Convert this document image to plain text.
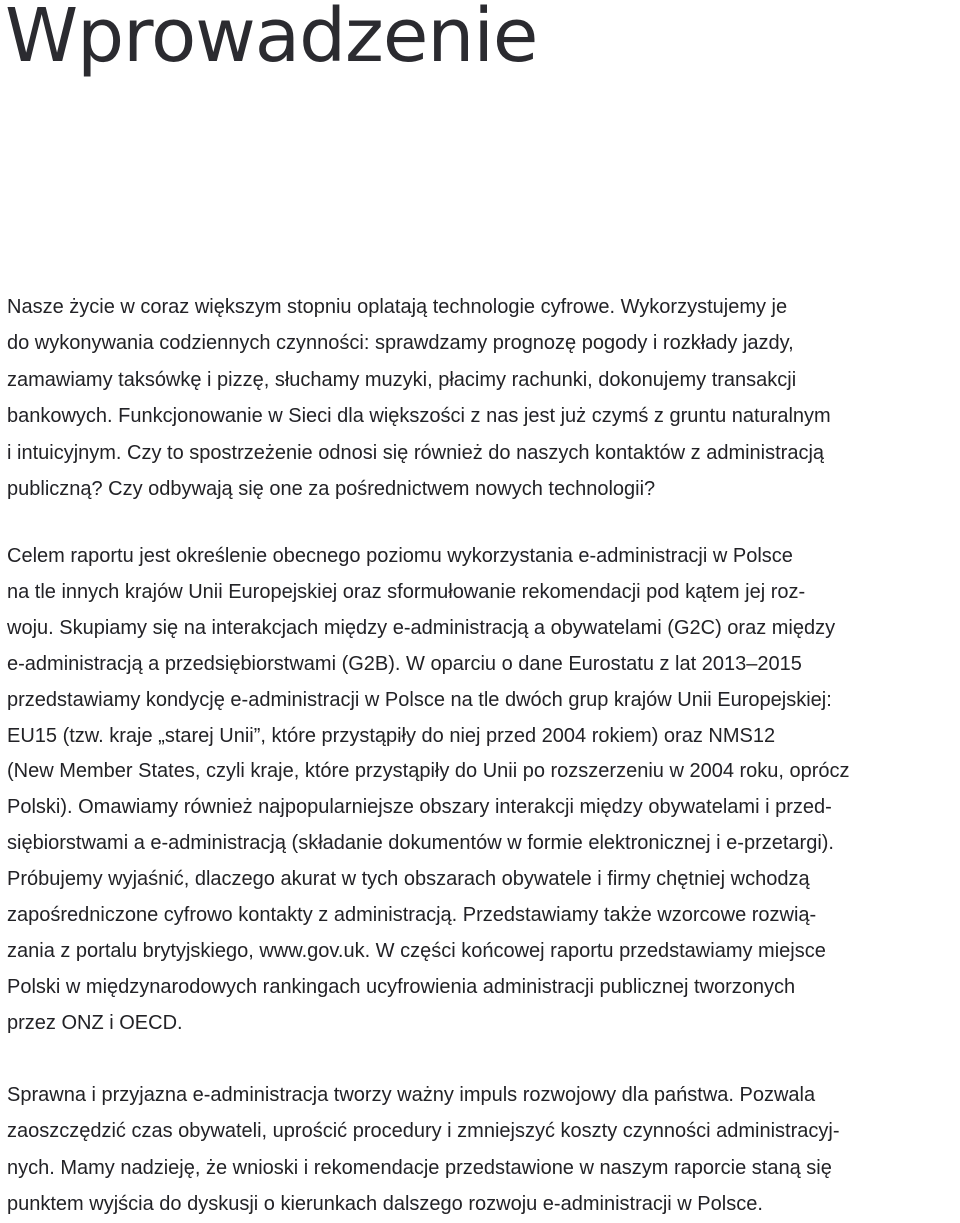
Wprowadzenie

Nasze życie w coraz większym stopniu oplatają technologie cyfrowe. Wykorzystujemy je
do wykonywania codziennych czynności: sprawdzamy prognozę pogody i rozkłady jazdy,
zamawiamy taksówkę i pizzę, słuchamy muzyki, płacimy rachunki, dokonujemy transakcji
bankowych. Funkcjonowanie w Sieci dla większości z nas jest już czymś z gruntu naturalnym
i intuicyjnym. Czy to spostrzeżenie odnosi się również do naszych kontaktów z administracją
publiczną? Czy odbywają się one za pośrednictwem nowych technologii?

Celem raportu jest określenie obecnego poziomu wykorzystania e-administracji w Polsce
na tle innych krajów Unii Europejskiej oraz sformułowanie rekomendacji pod kątem jej roz-
woju. Skupiamy się na interakcjach między e-administracją a obywatelami (G2C) oraz między
e-administracją a przedsiębiorstwami (G2B). W oparciu o dane Eurostatu z lat 2013–2015
przedstawiamy kondycję e-administracji w Polsce na tle dwóch grup krajów Unii Europejskiej:
EU15 (tzw. kraje „starej Unii”, które przystąpiły do niej przed 2004 rokiem) oraz NMS12
(New Member States, czyli kraje, które przystąpiły do Unii po rozszerzeniu w 2004 roku, oprócz
Polski). Omawiamy również najpopularniejsze obszary interakcji między obywatelami i przed-
siębiorstwami a e-administracją (składanie dokumentów w formie elektronicznej i e-przetargi).
Próbujemy wyjaśnić, dlaczego akurat w tych obszarach obywatele i firmy chętniej wchodzą
zapośredniczone cyfrowo kontakty z administracją. Przedstawiamy także wzorcowe rozwią-
zania z portalu brytyjskiego, www.gov.uk. W części końcowej raportu przedstawiamy miejsce
Polski w międzynarodowych rankingach ucyfrowienia administracji publicznej tworzonych
przez ONZ i OECD.

Sprawna i przyjazna e-administracja tworzy ważny impuls rozwojowy dla państwa. Pozwala
zaoszczędzić czas obywateli, uprościć procedury i zmniejszyć koszty czynności administracyj-
nych. Mamy nadzieję, że wnioski i rekomendacje przedstawione w naszym raporcie staną się
punktem wyjścia do dyskusji o kierunkach dalszego rozwoju e-administracji w Polsce.
